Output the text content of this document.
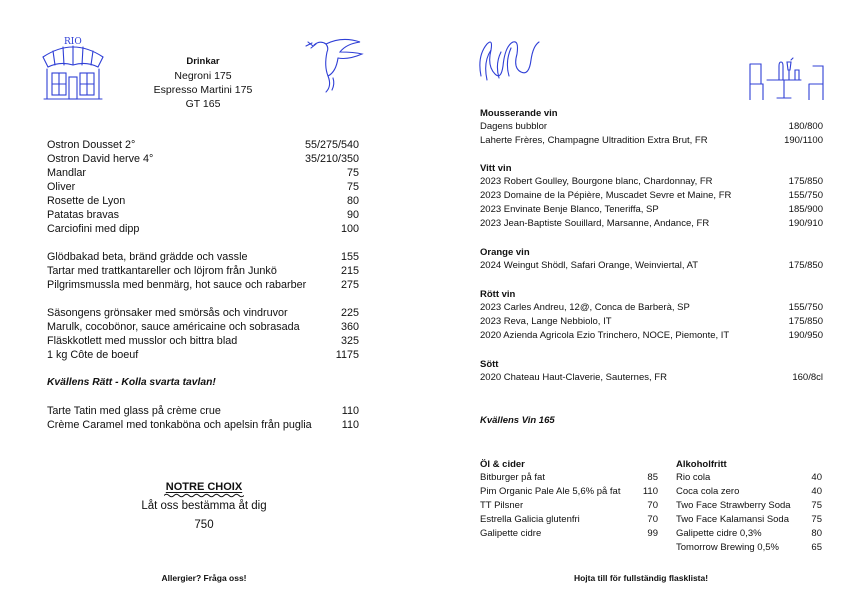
RIO
Drinkar
Negroni 175
Espresso Martini 175
GT 165
Ostron Dousset 2°	55/275/540
Ostron David herve 4°	35/210/350
Mandlar	75
Oliver	75
Rosette de Lyon	80
Patatas bravas	90
Carciofini med dipp	100
Glödbakad beta, bränd grädde och vassle	155
Tartar med trattkantareller och löjrom från Junkö	215
Pilgrimsmussla med benmärg, hot sauce och rabarber	275
Säsongens grönsaker med smörsås och vindruvor	225
Marulk, cocobönor, sauce américaine och sobrasada	360
Fläskkotlett med musslor och bittra blad	325
1 kg Côte de boeuf	1175
Kvällens Rätt - Kolla svarta tavlan!
Tarte Tatin med glass på crème crue	110
Crème Caramel med tonkaböna och apelsin från puglia	110
NOTRE CHOIX
Låt oss bestämma åt dig
750
Allergier? Fråga oss!
Mousserande vin
Dagens bubblor	180/800
Laherte Frères, Champagne Ultradition Extra Brut, FR	190/1100
Vitt vin
2023 Robert Goulley, Bourgone blanc, Chardonnay, FR	175/850
2023 Domaine de la Pépière, Muscadet Sevre et Maine, FR	155/750
2023 Envinate Benje Blanco, Teneriffa, SP	185/900
2023 Jean-Baptiste Souillard, Marsanne, Andance, FR	190/910
Orange vin
2024 Weingut Shödl, Safari Orange, Weinviertal, AT	175/850
Rött vin
2023 Carles Andreu, 12@, Conca de Barberà, SP	155/750
2023 Reva, Lange Nebbiolo, IT	175/850
2020 Azienda Agricola Ezio Trinchero, NOCE, Piemonte, IT	190/950
Sött
2020 Chateau Haut-Claverie, Sauternes, FR	160/8cl
Kvällens Vin 165
Öl & cider
Bitburger på fat	85
Pim Organic Pale Ale 5,6% på fat 110
TT Pilsner	70
Estrella Galicia glutenfri	70
Galipette cidre	99
Alkoholfritt
Rio cola	40
Coca cola zero	40
Two Face Strawberry Soda 75
Two Face Kalamansi Soda 75
Galipette cidre 0,3%	80
Tomorrow Brewing 0,5%	65
Hojta till för fullständig flasklista!
